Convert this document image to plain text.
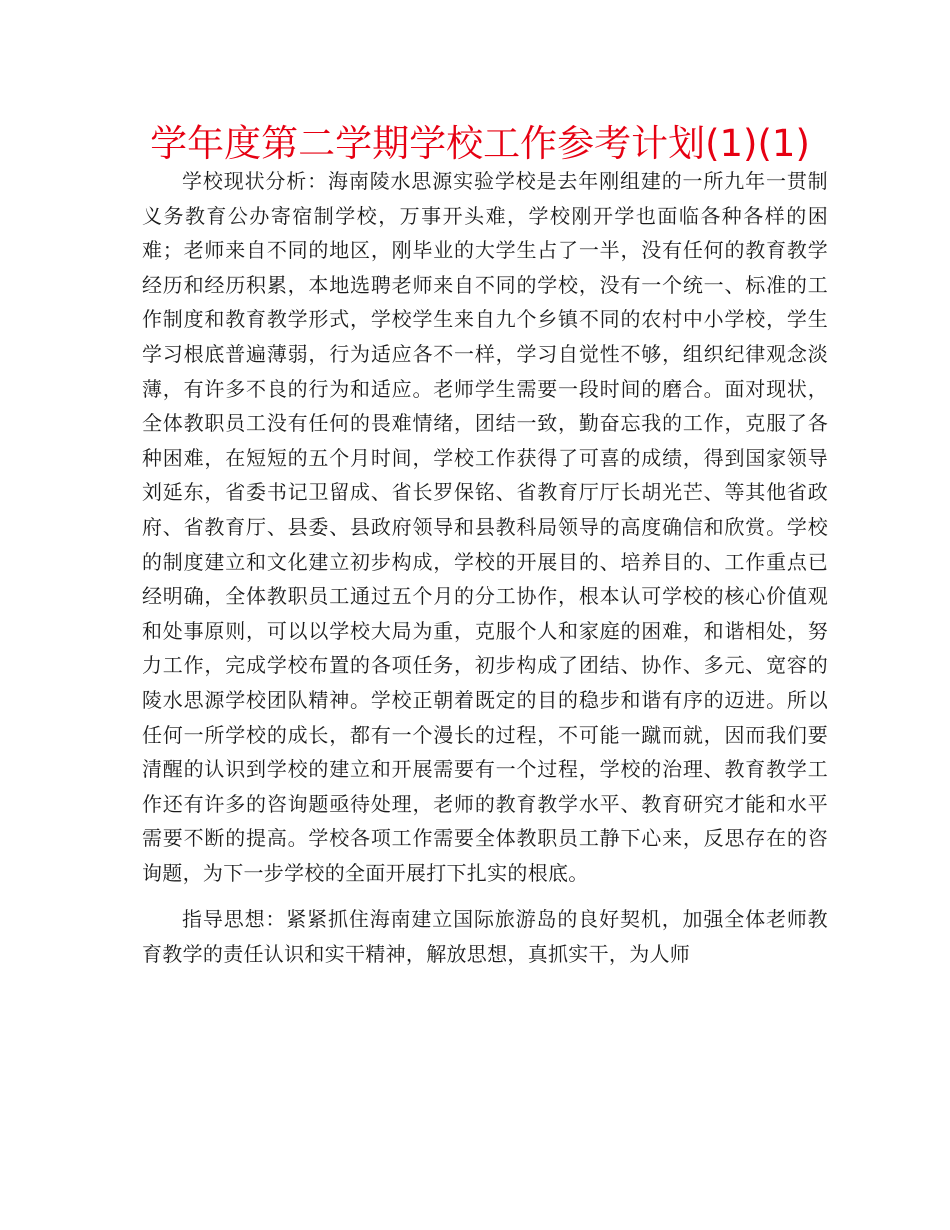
学年度第二学期学校工作参考计划(1)(1)

学校现状分析：海南陵水思源实验学校是去年刚组建的一所九年一贯制义务教育公办寄宿制学校，万事开头难，学校刚开学也面临各种各样的困难；老师来自不同的地区，刚毕业的大学生占了一半，没有任何的教育教学经历和经历积累，本地选聘老师来自不同的学校，没有一个统一、标准的工作制度和教育教学形式，学校学生来自九个乡镇不同的农村中小学校，学生学习根底普遍薄弱，行为适应各不一样，学习自觉性不够，组织纪律观念淡薄，有许多不良的行为和适应。老师学生需要一段时间的磨合。面对现状，全体教职员工没有任何的畏难情绪，团结一致，勤奋忘我的工作，克服了各种困难，在短短的五个月时间，学校工作获得了可喜的成绩，得到国家领导刘延东，省委书记卫留成、省长罗保铭、省教育厅厅长胡光芒、等其他省政府、省教育厅、县委、县政府领导和县教科局领导的高度确信和欣赏。学校的制度建立和文化建立初步构成，学校的开展目的、培养目的、工作重点已经明确，全体教职员工通过五个月的分工协作，根本认可学校的核心价值观和处事原则，可以以学校大局为重，克服个人和家庭的困难，和谐相处，努力工作，完成学校布置的各项任务，初步构成了团结、协作、多元、宽容的陵水思源学校团队精神。学校正朝着既定的目的稳步和谐有序的迈进。所以任何一所学校的成长，都有一个漫长的过程，不可能一蹴而就，因而我们要清醒的认识到学校的建立和开展需要有一个过程，学校的治理、教育教学工作还有许多的咨询题亟待处理，老师的教育教学水平、教育研究才能和水平需要不断的提高。学校各项工作需要全体教职员工静下心来，反思存在的咨询题，为下一步学校的全面开展打下扎实的根底。

指导思想：紧紧抓住海南建立国际旅游岛的良好契机，加强全体老师教育教学的责任认识和实干精神，解放思想，真抓实干，为人师
